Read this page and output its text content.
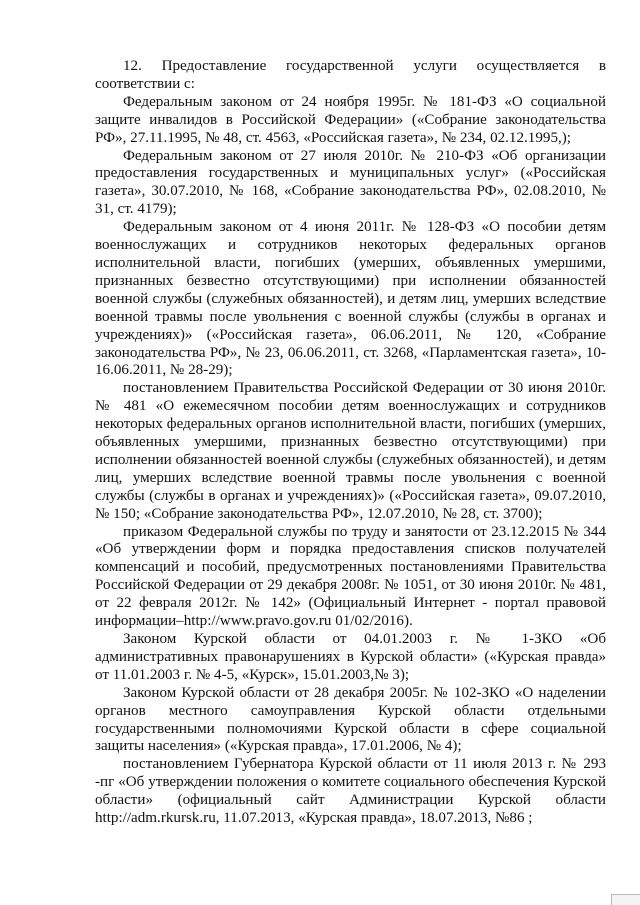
12. Предоставление государственной услуги осуществляется в соответствии с:

Федеральным законом от 24 ноября 1995г. № 181-ФЗ «О социальной защите инвалидов в Российской Федерации» («Собрание законодательства РФ», 27.11.1995, № 48, ст. 4563, «Российская газета», № 234, 02.12.1995,);

Федеральным законом от 27 июля 2010г. № 210-ФЗ «Об организации предоставления государственных и муниципальных услуг» («Российская газета», 30.07.2010, № 168, «Собрание законодательства РФ», 02.08.2010, № 31, ст. 4179);

Федеральным законом от 4 июня 2011г. № 128-ФЗ «О пособии детям военнослужащих и сотрудников некоторых федеральных органов исполнительной власти, погибших (умерших, объявленных умершими, признанных безвестно отсутствующими) при исполнении обязанностей военной службы (служебных обязанностей), и детям лиц, умерших вследствие военной травмы после увольнения с военной службы (службы в органах и учреждениях)» («Российская газета», 06.06.2011, № 120, «Собрание законодательства РФ», № 23, 06.06.2011, ст. 3268, «Парламентская газета», 10-16.06.2011, № 28-29);

постановлением Правительства Российской Федерации от 30 июня 2010г. № 481 «О ежемесячном пособии детям военнослужащих и сотрудников некоторых федеральных органов исполнительной власти, погибших (умерших, объявленных умершими, признанных безвестно отсутствующими) при исполнении обязанностей военной службы (служебных обязанностей), и детям лиц, умерших вследствие военной травмы после увольнения с военной службы (службы в органах и учреждениях)» («Российская газета», 09.07.2010, № 150; «Собрание законодательства РФ», 12.07.2010, № 28, ст. 3700);

приказом Федеральной службы по труду и занятости от 23.12.2015 № 344 «Об утверждении форм и порядка предоставления списков получателей компенсаций и пособий, предусмотренных постановлениями Правительства Российской Федерации от 29 декабря 2008г. № 1051, от 30 июня 2010г. № 481, от 22 февраля 2012г. № 142» (Официальный Интернет - портал правовой информации–http://www.pravo.gov.ru 01/02/2016).

Законом Курской области от 04.01.2003 г. № 1-ЗКО «Об административных правонарушениях в Курской области» («Курская правда» от 11.01.2003 г. № 4-5, «Курск», 15.01.2003,№ 3);

Законом Курской области от 28 декабря 2005г. № 102-ЗКО «О наделении органов местного самоуправления Курской области отдельными государственными полномочиями Курской области в сфере социальной защиты населения» («Курская правда», 17.01.2006, № 4);

постановлением Губернатора Курской области от 11 июля 2013 г. № 293 -пг «Об утверждении положения о комитете социального обеспечения Курской области» (официальный сайт Администрации Курской области http://adm.rkursk.ru, 11.07.2013, «Курская правда», 18.07.2013, №86 ;
